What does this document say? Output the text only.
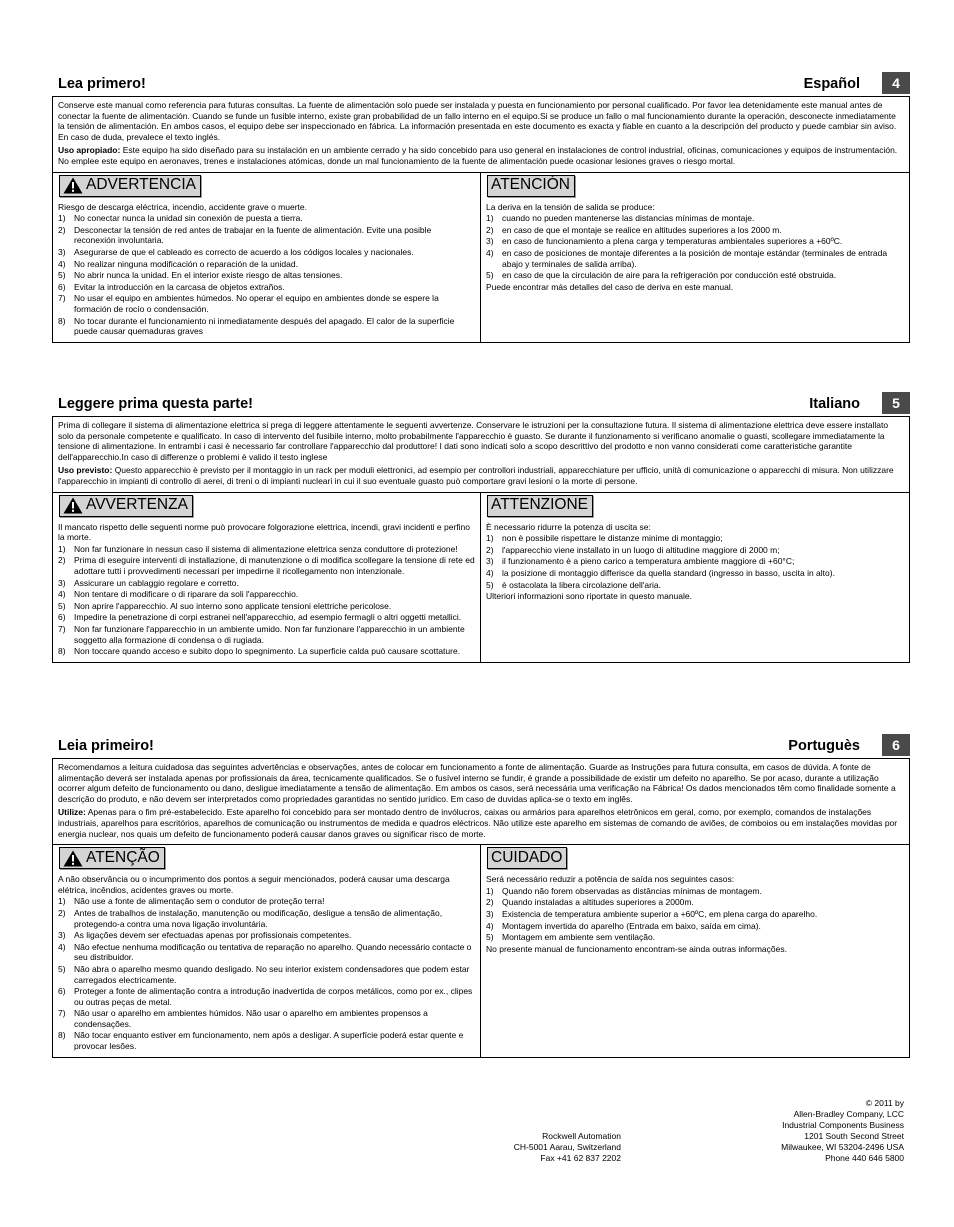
Lea primero!	Español	4

Conserve este manual como referencia para futuras consultas. La fuente de alimentación solo puede ser instalada y puesta en funcionamiento por personal cualificado. Por favor lea detenidamente este manual antes de conectar la fuente de alimentación. Cuando se funde un fusible interno, existe gran probabilidad de un fallo interno en el equipo.Si se produce un fallo o mal funcionamiento durante la operación, desconecte inmediatamente la tensión de alimentación. En ambos casos, el equipo debe ser inspeccionado en fábrica. La información presentada en este documento es exacta y fiable en cuanto a la descripción del producto y puede cambiar sin aviso. En caso de duda, prevalece el texto inglés.

Uso apropiado: Este equipo ha sido diseñado para su instalación en un ambiente cerrado y ha sido concebido para uso general en instalaciones de control industrial, oficinas, comunicaciones y equipos de instrumentación. No emplee este equipo en aeronaves, trenes e instalaciones atómicas, donde un mal funcionamiento de la fuente de alimentación puede ocasionar lesiones graves o riesgo mortal.

ADVERTENCIA
Riesgo de descarga eléctrica, incendio, accidente grave o muerte.
1) No conectar nunca la unidad sin conexión de puesta a tierra.
2) Desconectar la tensión de red antes de trabajar en la fuente de alimentación. Evite una posible reconexión involuntaria.
3) Asegurarse de que el cableado es correcto de acuerdo a los códigos locales y nacionales.
4) No realizar ninguna modificación o reparación de la unidad.
5) No abrir nunca la unidad. En el interior existe riesgo de altas tensiones.
6) Evitar la introducción en la carcasa de objetos extraños.
7) No usar el equipo en ambientes húmedos. No operar el equipo en ambientes donde se espere la formación de rocío o condensación.
8) No tocar durante el funcionamiento ni inmediatamente después del apagado. El calor de la superficie puede causar quemaduras graves
ATENCIÓN
La deriva en la tensión de salida se produce:
1) cuando no pueden mantenerse las distancias mínimas de montaje.
2) en caso de que el montaje se realice en altitudes superiores a los 2000 m.
3) en caso de funcionamiento a plena carga y temperaturas ambientales superiores a +60ºC.
4) en caso de posiciones de montaje diferentes a la posición de montaje estándar (terminales de entrada abajo y terminales de salida arriba).
5) en caso de que la circulación de aire para la refrigeración por conducción esté obstruida.
Puede encontrar más detalles del caso de deriva en este manual.
Leggere prima questa parte!	Italiano	5

Prima di collegare il sistema di alimentazione elettrica si prega di leggere attentamente le seguenti avvertenze. Conservare le istruzioni per la consultazione futura. Il sistema di alimentazione elettrica deve essere installato solo da personale competente e qualificato. In caso di intervento del fusibile interno, molto probabilmente l'apparecchio è guasto. Se durante il funzionamento si verificano anomalie o guasti, scollegare immediatamente la tensione di alimentazione. In entrambi i casi è necessario far controllare l'apparecchio dal produttore! I dati sono indicati solo a scopo descrittivo del prodotto e non vanno considerati come caratteristiche garantite dell'apparecchio.In caso di differenze o problemi è valido il testo inglese

Uso previsto: Questo apparecchio è previsto per il montaggio in un rack per moduli elettronici, ad esempio per controllori industriali, apparecchiature per ufficio, unità di comunicazione o apparecchi di misura. Non utilizzare l'apparecchio in impianti di controllo di aerei, di treni o di impianti nucleari in cui il suo eventuale guasto può comportare gravi lesioni o la morte di persone.

AVVERTENZA
Il mancato rispetto delle seguenti norme può provocare folgorazione elettrica, incendi, gravi incidenti e perfino la morte.
1) Non far funzionare in nessun caso il sistema di alimentazione elettrica senza conduttore di protezione!
2) Prima di eseguire interventi di installazione, di manutenzione o di modifica scollegare la tensione di rete ed adottare tutti i provvedimenti necessari per impedirne il ricollegamento non intenzionale.
3) Assicurare un cablaggio regolare e corretto.
4) Non tentare di modificare o di riparare da soli l'apparecchio.
5) Non aprire l'apparecchio. Al suo interno sono applicate tensioni elettriche pericolose.
6) Impedire la penetrazione di corpi estranei nell'apparecchio, ad esempio fermagli o altri oggetti metallici.
7) Non far funzionare l'apparecchio in un ambiente umido. Non far funzionare l'apparecchio in un ambiente soggetto alla formazione di condensa o di rugiada.
8) Non toccare quando acceso e subito dopo lo spegnimento. La superficie calda può causare scottature.
ATTENZIONE
È necessario ridurre la potenza di uscita se:
1) non è possibile rispettare le distanze minime di montaggio;
2) l'apparecchio viene installato in un luogo di altitudine maggiore di 2000 m;
3) il funzionamento è a pieno carico a temperatura ambiente maggiore di +60°C;
4) la posizione di montaggio differisce da quella standard (ingresso in basso, uscita in alto).
5) è ostacolata la libera circolazione dell'aria.
Ulteriori informazioni sono riportate in questo manuale.
Leia primeiro!	Portuguès	6

Recomendamos a leitura cuidadosa das seguintes advertências e observações, antes de colocar em funcionamento a fonte de alimentação. Guarde as Instruções para futura consulta, em casos de dúvida. A fonte de alimentação deverá ser instalada apenas por profissionais da área, tecnicamente qualificados. Se o fusível interno se fundir, é grande a possibilidade de existir um defeito no aparelho. Se por acaso, durante a utilização ocorrer algum defeito de funcionamento ou dano, desligue imediatamente a tensão de alimentação. Em ambos os casos, será necessária uma verificação na Fábrica! Os dados mencionados têm como finalidade somente a descrição do produto, e não devem ser interpretados como propriedades garantidas no sentido jurídico. Em caso de duvidas aplica-se o texto em inglês.

Utilize: Apenas para o fim pré-estabelecido. Este aparelho foi concebido para ser montado dentro de invólucros, caixas ou armários para aparelhos eletrônicos em geral, como, por exemplo, comandos de instalações industriais, aparelhos para escritórios, aparelhos de comunicação ou instrumentos de medida e quadros eléctricos. Não utilize este aparelho em sistemas de comando de aviões, de comboios ou em instalações movidas por energia nuclear, nos quais um defeito de funcionamento poderá causar danos graves ou significar risco de morte.

ATENÇÃO
A não observância ou o incumprimento dos pontos a seguir mencionados, poderá causar uma descarga elétrica, incêndios, acidentes graves ou morte.
1) Não use a fonte de alimentação sem o condutor de proteção terra!
2) Antes de trabalhos de instalação, manutenção ou modificação, desligue a tensão de alimentação, protegendo-a contra uma nova ligação involuntária.
3) As ligações devem ser efectuadas apenas por profissionais competentes.
4) Não efectue nenhuma modificação ou tentativa de reparação no aparelho. Quando necessário contacte o seu distribuidor.
5) Não abra o aparelho mesmo quando desligado. No seu interior existem condensadores que podem estar carregados electricamente.
6) Proteger a fonte de alimentação contra a introdução inadvertida de corpos metálicos, como por ex., clipes ou outras peças de metal.
7) Não usar o aparelho em ambientes húmidos. Não usar o aparelho em ambientes propensos a condensações.
8) Não tocar enquanto estiver em funcionamento, nem após a desligar. A superfície poderá estar quente e provocar lesões.
CUIDADO
Será necessário reduzir a potência de saída nos seguintes casos:
1) Quando não forem observadas as distâncias mínimas de montagem.
2) Quando instaladas a altitudes superiores a 2000m.
3) Existencia de temperatura ambiente superior a +60ºC, em plena carga do aparelho.
4) Montagem invertida do aparelho (Entrada em baixo, saída em cima).
5) Montagem em ambiente sem ventilação.
No presente manual de funcionamento encontram-se ainda outras informações.
Rockwell Automation
CH-5001 Aarau, Switzerland
Fax +41 62 837 2202
© 2011 by
Allen-Bradley Company, LCC
Industrial Components Business
1201 South Second Street
Milwaukee, WI 53204-2496 USA
Phone 440 646 5800
